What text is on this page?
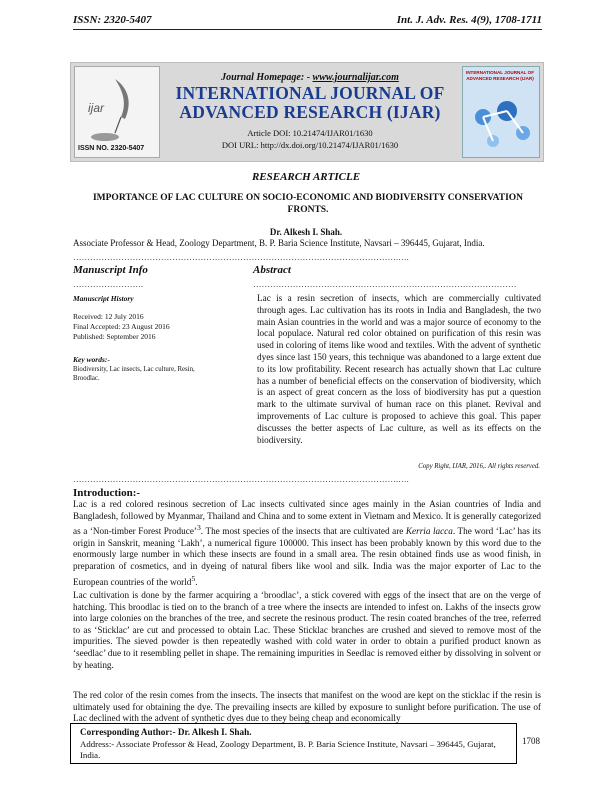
ISSN: 2320-5407	Int. J. Adv. Res. 4(9), 1708-1711
ijar
ISSN NO. 2320-5407
Journal Homepage: - www.journalijar.com
INTERNATIONAL JOURNAL OF ADVANCED RESEARCH (IJAR)
Article DOI: 10.21474/IJAR01/1630
DOI URL: http://dx.doi.org/10.21474/IJAR01/1630
INTERNATIONAL JOURNAL OF ADVANCED RESEARCH (IJAR)
RESEARCH ARTICLE
IMPORTANCE OF LAC CULTURE ON SOCIO-ECONOMIC AND BIODIVERSITY CONSERVATION FRONTS.
Dr. Alkesh I. Shah.
Associate Professor & Head, Zoology Department, B. P. Baria Science Institute, Navsari – 396445, Gujarat, India.
…………………………………………………………………………………………………….….
Manuscript Info
…………………….
Manuscript History
Received: 12 July 2016
Final Accepted: 23 August 2016
Published: September 2016
Key words:-
Biodiversity, Lac insects, Lac culture, Resin, Broodlac.
Abstract
…………………………………………………………………………………
Lac is a resin secretion of insects, which are commercially cultivated through ages. Lac cultivation has its roots in India and Bangladesh, the two main Asian countries in the world and was a major source of economy to the local populace. Natural red color obtained on purification of this resin was used in coloring of items like wood and textiles. With the advent of synthetic dyes since last 150 years, this technique was abandoned to a large extent due to its low profitability. Recent research has actually shown that Lac culture has a number of beneficial effects on the conservation of biodiversity, which is an aspect of great concern as the loss of biodiversity has put a question mark to the ultimate survival of human race on this planet. Revival and improvements of Lac culture is proposed to achieve this goal. This paper discusses the better aspects of Lac culture, as well as its effects on the biodiversity.
Copy Right, IJAR, 2016,. All rights reserved.
…………………………………………………………………………………………………….….
Introduction:-
Lac is a red colored resinous secretion of Lac insects cultivated since ages mainly in the Asian countries of India and Bangladesh, followed by Myanmar, Thailand and China and to some extent in Vietnam and Mexico. It is generally categorized as a ‘Non-timber Forest Produce’$^3$. The most species of the insects that are cultivated are Kerria lacca. The word ‘Lac’ has its origin in Sanskrit, meaning ‘Lakh’, a numerical figure 100000. This insect has been probably known by this word due to the enormously large number in which these insects are found in a small area. The resin obtained finds use as wood finish, in preparation of cosmetics, and in dyeing of natural fibers like wool and silk. India was the major exporter of Lac to the European countries of the world$^5$.
Lac cultivation is done by the farmer acquiring a ‘broodlac’, a stick covered with eggs of the insect that are on the verge of hatching. This broodlac is tied on to the branch of a tree where the insects are intended to infest on. Lakhs of the insects grow into large colonies on the branches of the tree, and secrete the resinous product. The resin coated branches of the tree, referred to as ‘Sticklac’ are cut and processed to obtain Lac. These Sticklac branches are crushed and sieved to remove most of the impurities. The sieved powder is then repeatedly washed with cold water in order to obtain a purified product known as ‘seedlac’ due to it resembling pellet in shape. The remaining impurities in Seedlac is removed either by dissolving in solvent or by heating.
The red color of the resin comes from the insects. The insects that manifest on the wood are kept on the sticklac if the resin is ultimately used for obtaining the dye. The prevailing insects are killed by exposure to sunlight before purification. The use of Lac declined with the advent of synthetic dyes due to they being cheap and economically
Corresponding Author:- Dr. Alkesh I. Shah.
Address:- Associate Professor & Head, Zoology Department, B. P. Baria Science Institute, Navsari – 396445, Gujarat, India.
1708
